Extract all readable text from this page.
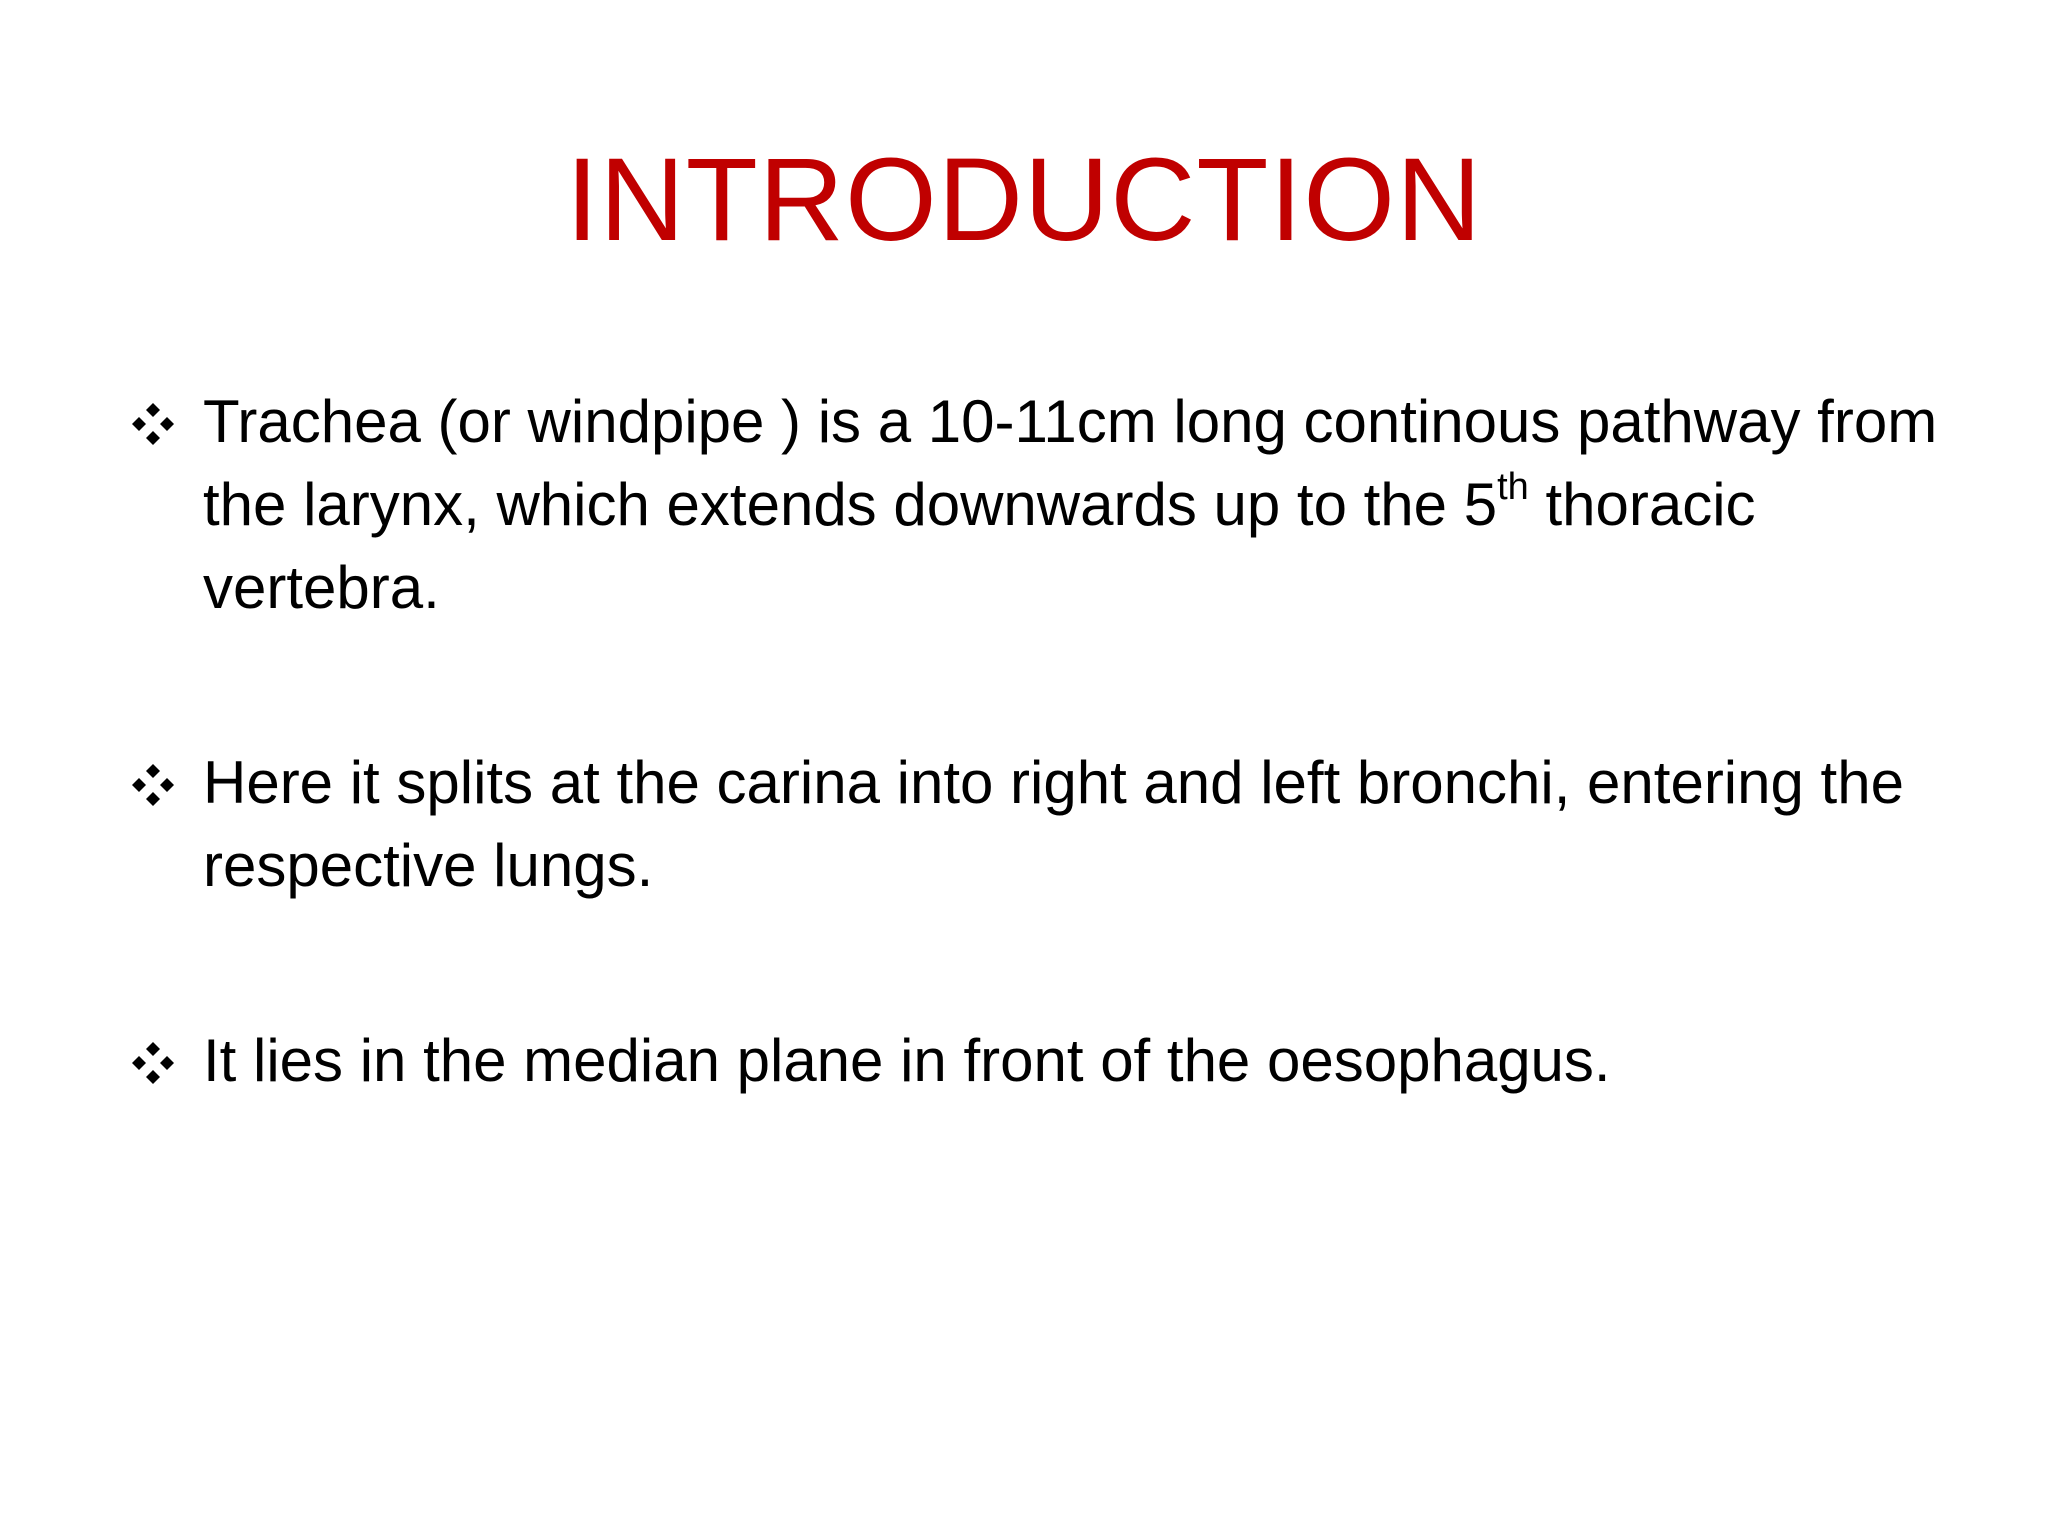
INTRODUCTION
Trachea (or windpipe ) is a 10-11cm long continous pathway from the larynx, which extends downwards up to the 5th thoracic vertebra.
Here it splits at the carina into right and left bronchi, entering the respective lungs.
It lies in the median plane in front of the oesophagus.
